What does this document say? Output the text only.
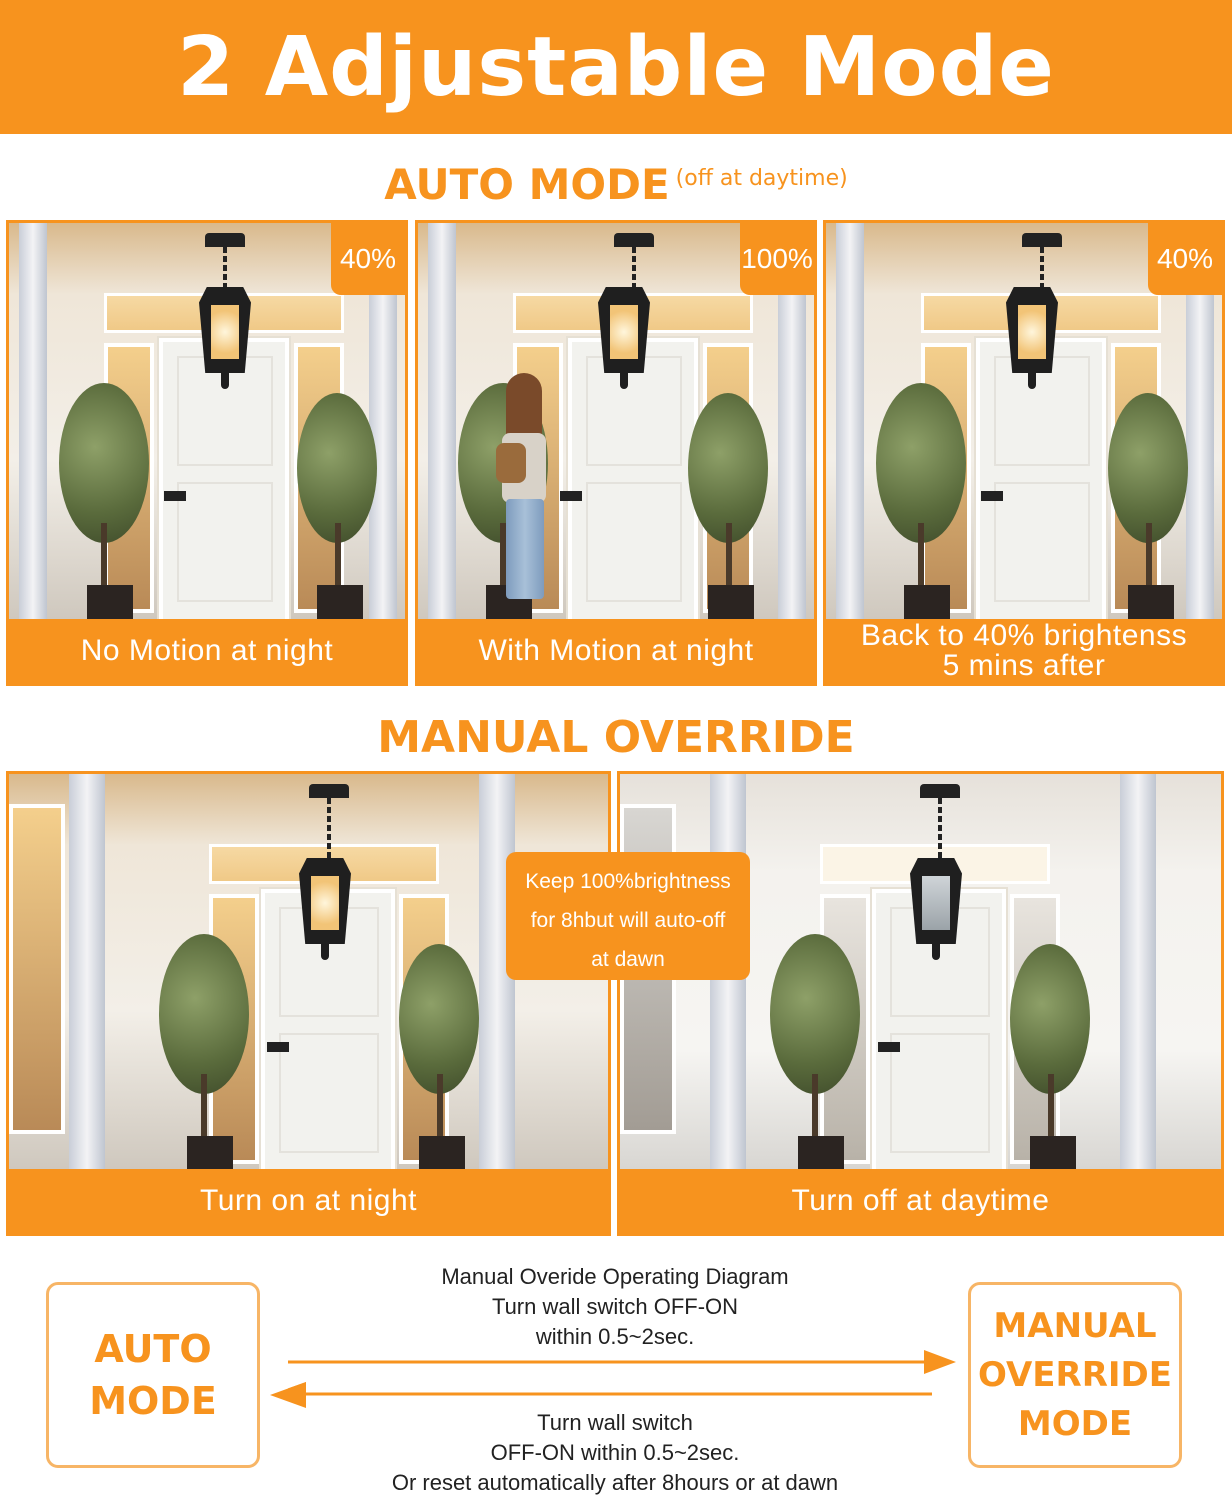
2 Adjustable Mode
AUTO MODE $^{(off at daytime)}$
40%
No Motion at night
100%
With Motion at night
40%
Back to 40% brightenss
5 mins after
MANUAL OVERRIDE
Turn on at night	Turn off at daytime
Keep 100%brightness
for 8hbut will auto-off
at dawn
AUTO
MODE
MANUAL
OVERRIDE
MODE
Manual Overide Operating Diagram
Turn wall switch OFF-ON
within 0.5~2sec.
Turn wall switch
OFF-ON within 0.5~2sec.
Or reset automatically after 8hours or at dawn
